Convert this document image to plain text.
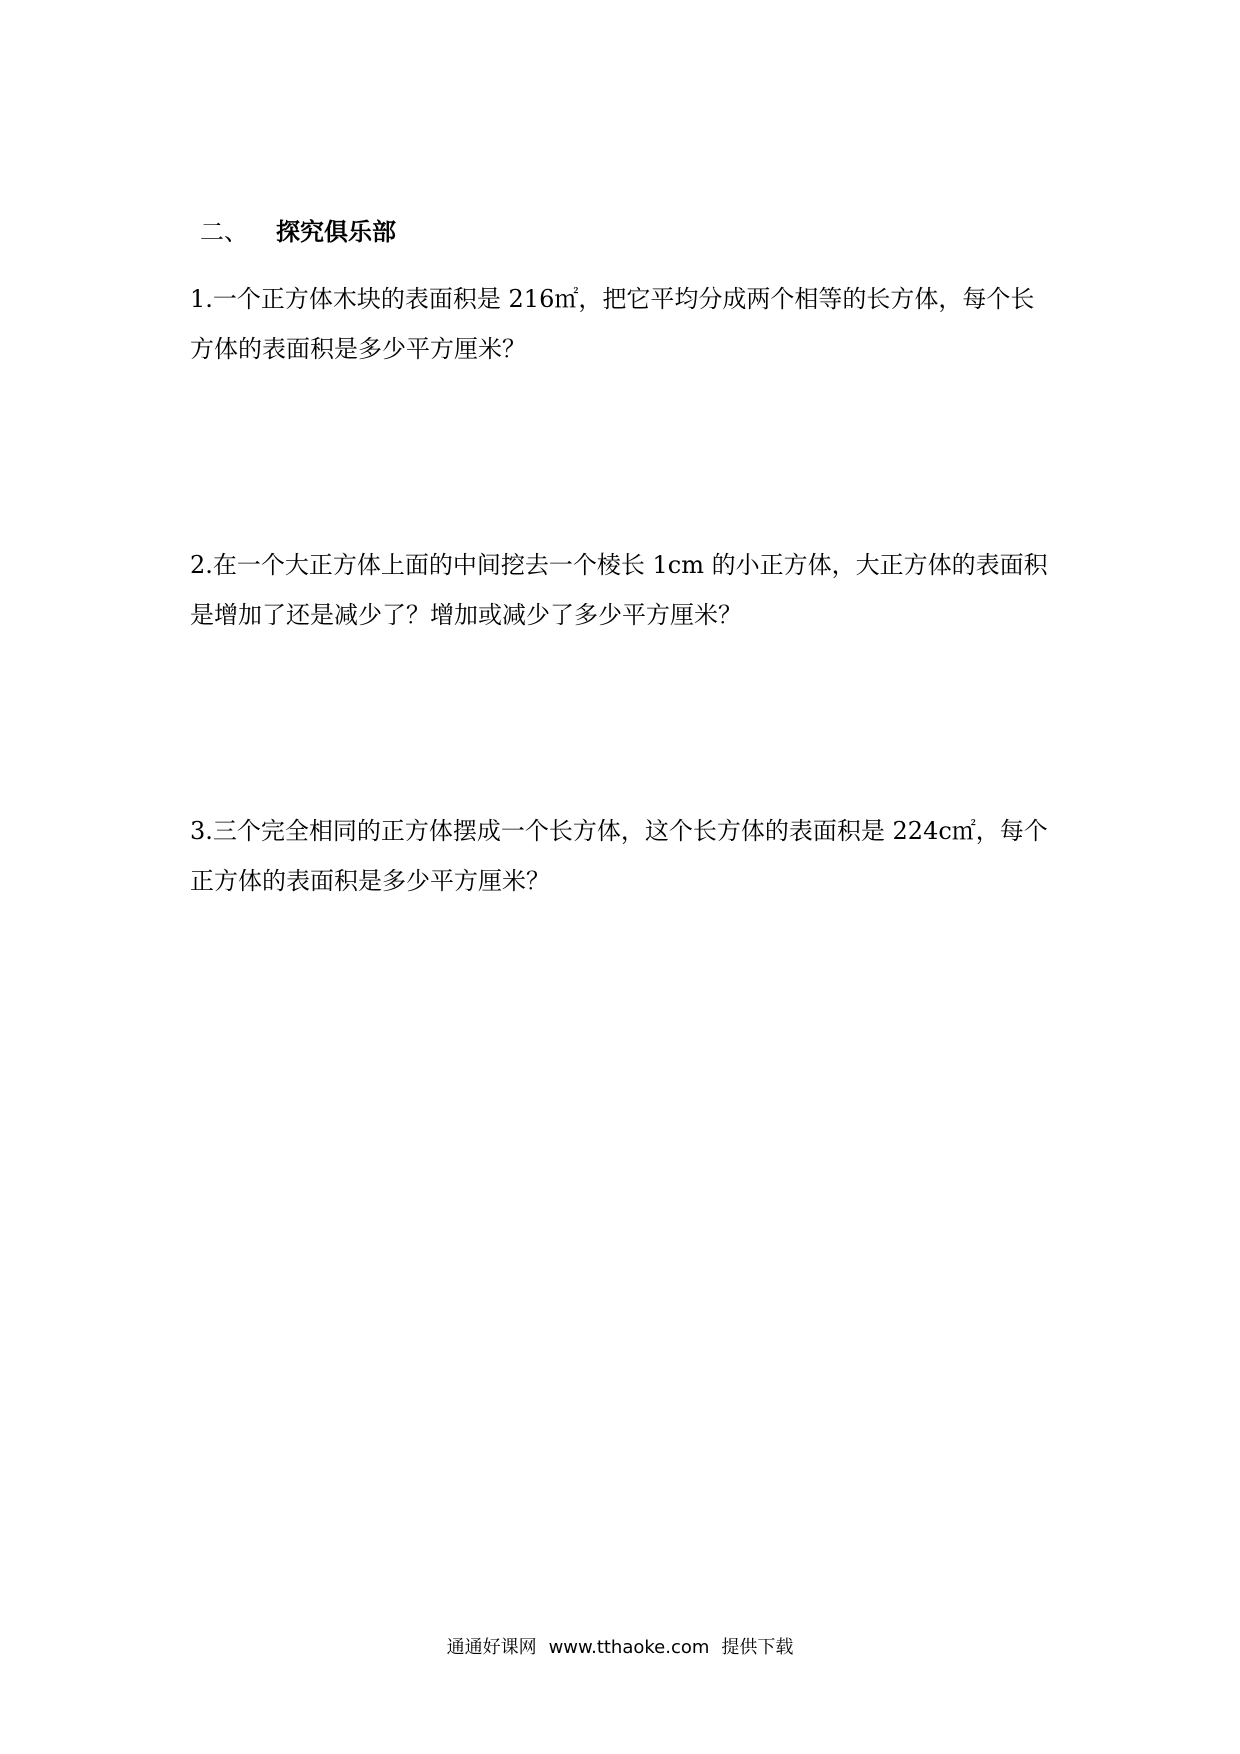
二、 探究俱乐部
1.一个正方体木块的表面积是 216㎡，把它平均分成两个相等的长方体，每个长
方体的表面积是多少平方厘米？
2.在一个大正方体上面的中间挖去一个棱长 1cm 的小正方体，大正方体的表面积
是增加了还是减少了？增加或减少了多少平方厘米？
3.三个完全相同的正方体摆成一个长方体，这个长方体的表面积是 224c㎡，每个
正方体的表面积是多少平方厘米？
通通好课网 www.tthaoke.com 提供下载
